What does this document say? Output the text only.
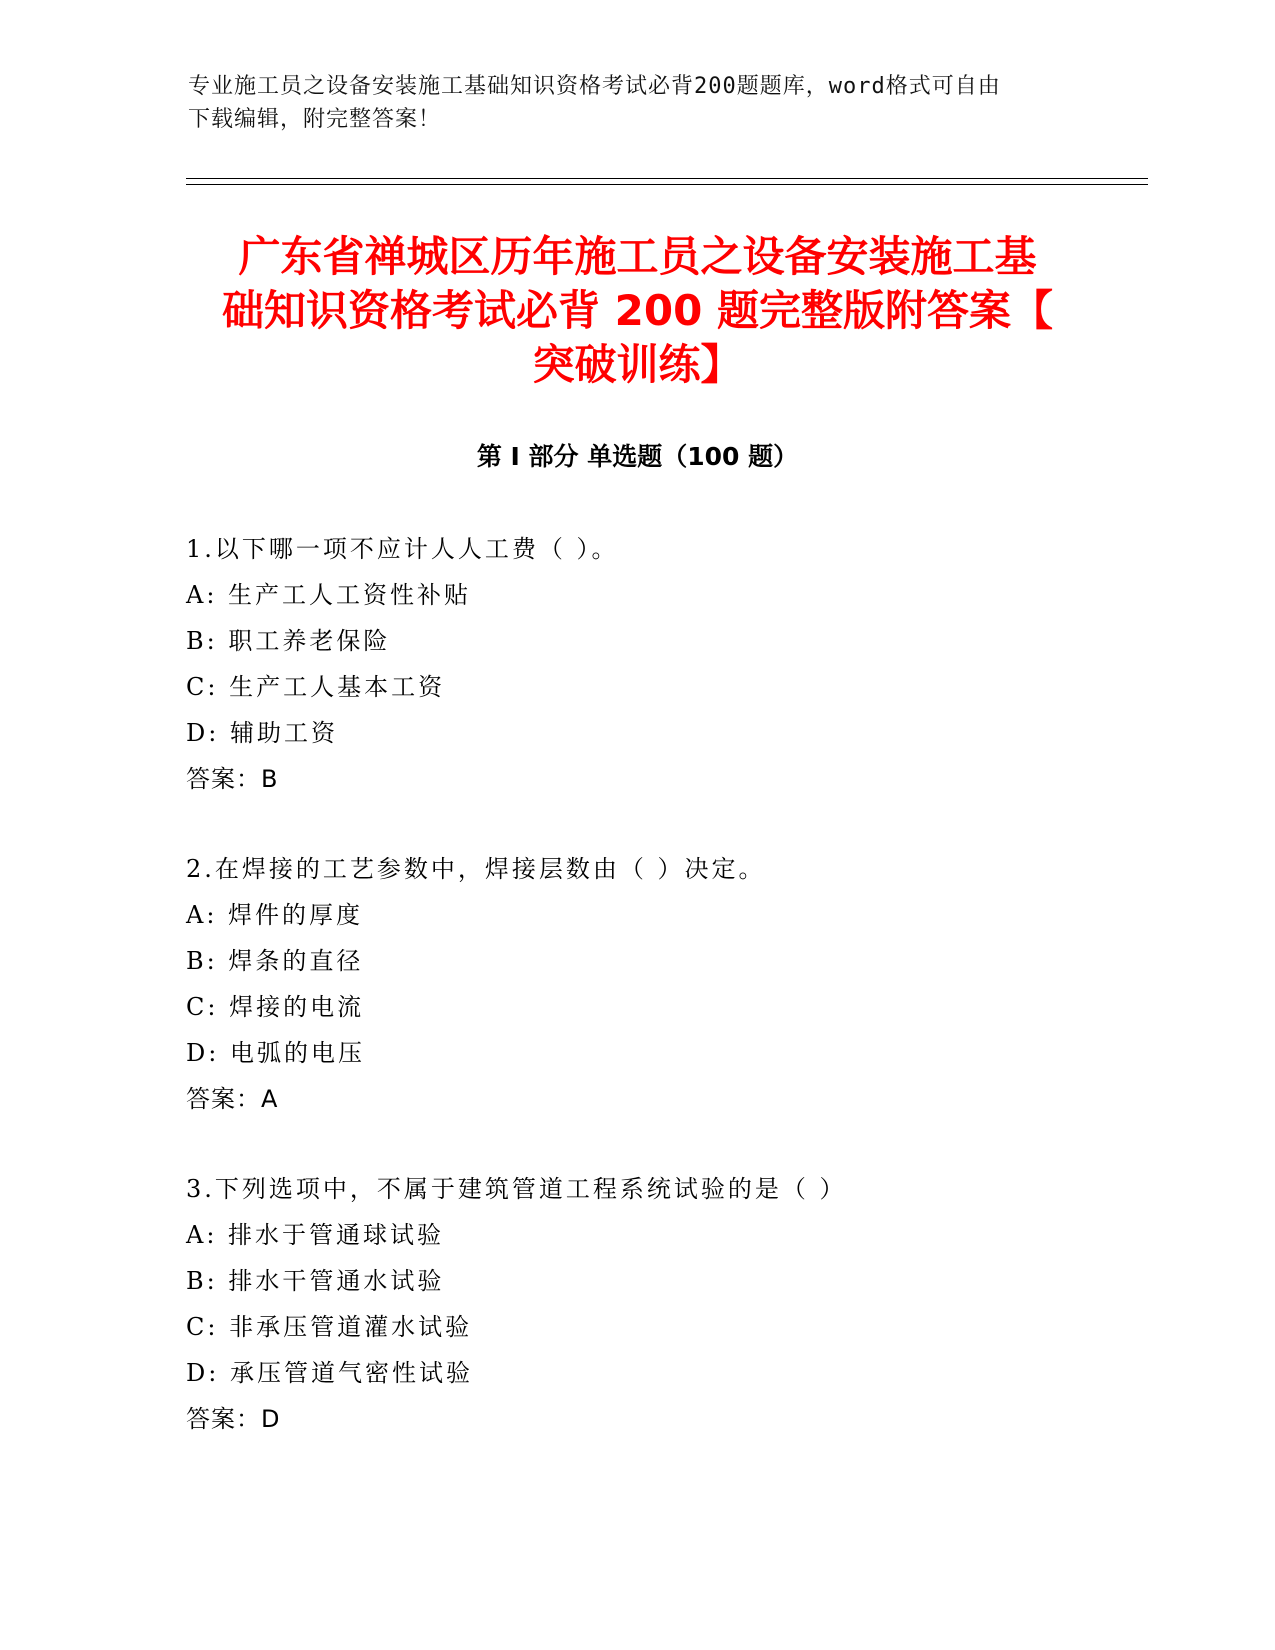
专业施工员之设备安装施工基础知识资格考试必背200题题库，word格式可自由
下载编辑，附完整答案！
广东省禅城区历年施工员之设备安装施工基
础知识资格考试必背 200 题完整版附答案【
突破训练】
第 I 部分 单选题（100 题）
1.以下哪一项不应计人人工费（ ）。
A: 生产工人工资性补贴
B: 职工养老保险
C: 生产工人基本工资
D: 辅助工资
答案：B
2.在焊接的工艺参数中，焊接层数由（ ）决定。
A: 焊件的厚度
B: 焊条的直径
C: 焊接的电流
D: 电弧的电压
答案：A
3.下列选项中，不属于建筑管道工程系统试验的是（ ）
A: 排水于管通球试验
B: 排水干管通水试验
C: 非承压管道灌水试验
D: 承压管道气密性试验
答案：D
